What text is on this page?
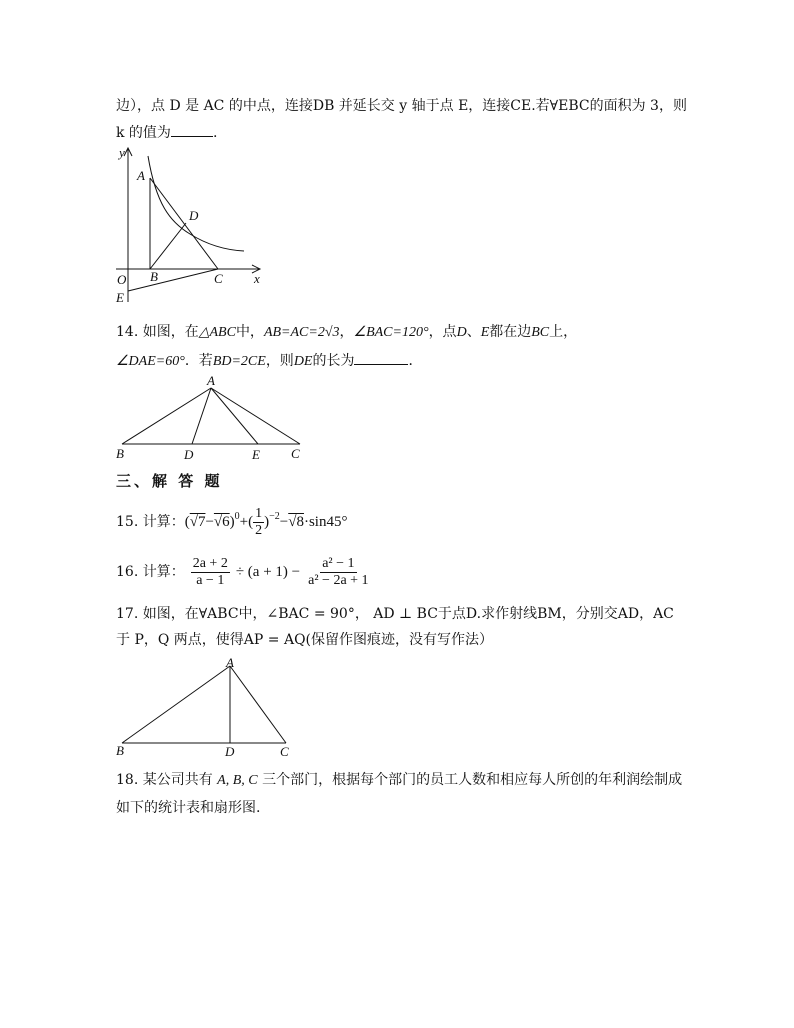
边），点 D 是 AC 的中点，连接DB 并延长交 y 轴于点 E，连接CE.若∀EBC的面积为 3，则
k 的值为	.
y
A
D
O B	C x
E
14. 如图，在△ABC中，AB=AC=2√3，∠BAC=120°，点D、E都在边BC上，
∠DAE=60°．若BD=2CE，则DE的长为	．
A
B	D	E C
三、解 答 题
15. 计算： ( √7 − √6 )$^0$ +( $\frac{1}{2} )^{-2} - √8 \cdot\sin 45^\circ$
16. 计算： $\frac{2a + 2}{a - 1} \div (a + 1) - \frac{\text{a² − 1}}{\text{a² − 2a + 1}}$
17. 如图，在∀ABC中，∠BAC = 90°， AD ⊥ BC于点D.求作射线BM，分别交AD，AC
于 P，Q 两点，使得AP = AQ(保留作图痕迹，没有写作法）
A
B	D	C
18. 某公司共有 A, B, C 三个部门，根据每个部门的员工人数和相应每人所创的年利润绘制成
如下的统计表和扇形图.
